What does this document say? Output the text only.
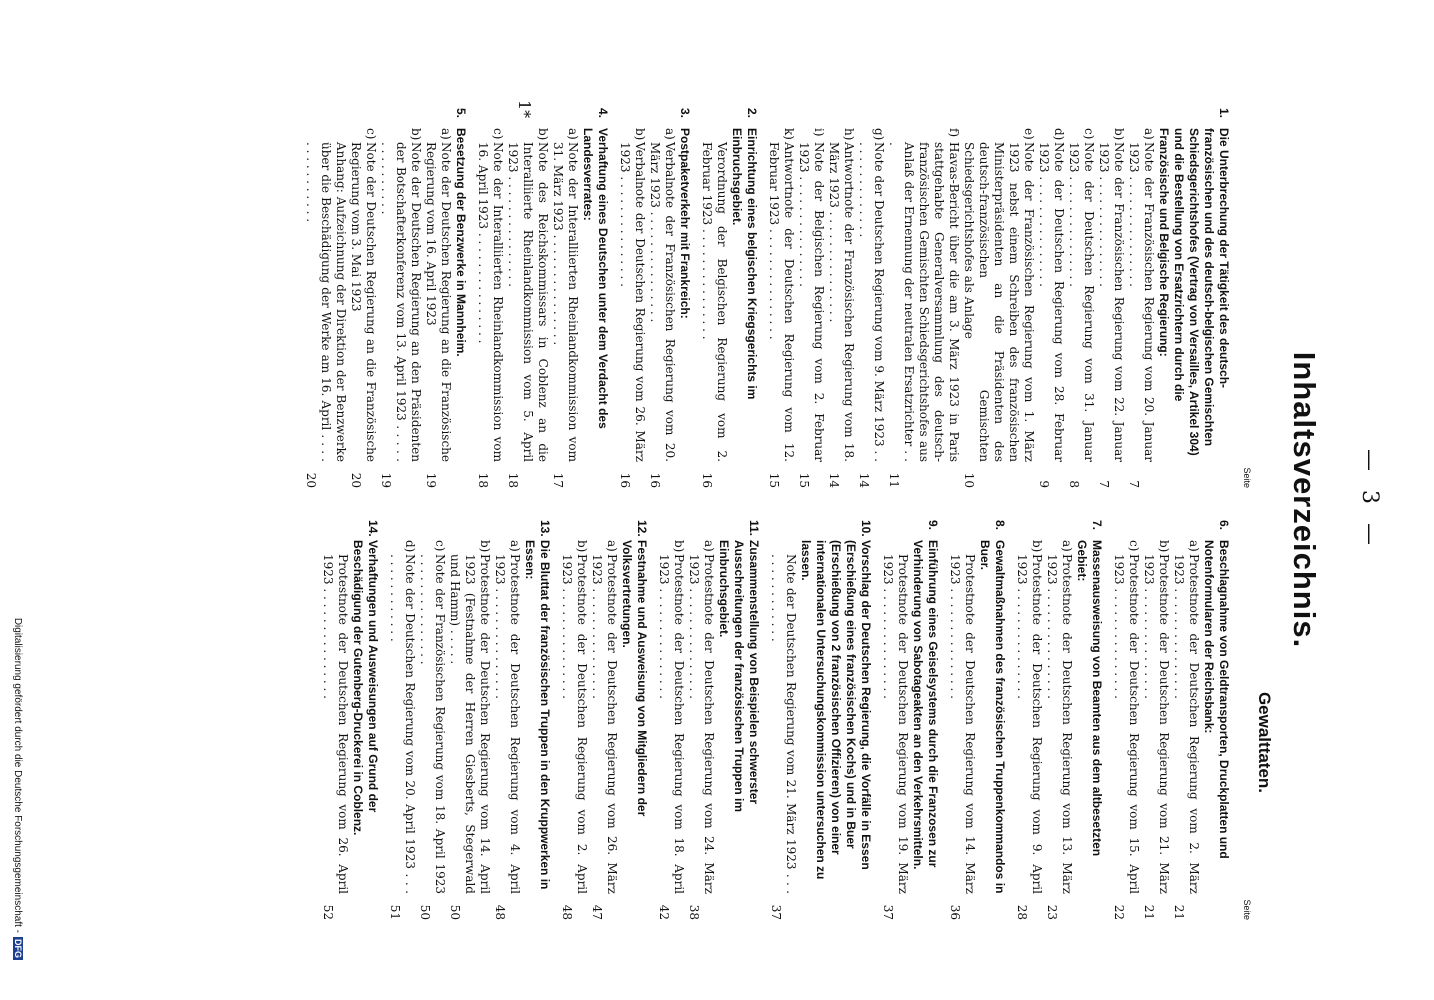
— 3 —
Inhaltsverzeichnis.
Gewalttaten.
Seite
1.
Die Unterbrechung der Tätigkeit des deutsch-französischen und des deutsch-belgischen Gemischten Schiedsgerichtshofes (Vertrag von Versailles, Artikel 304) und die Bestellung von Ersatzrichtern durch die Französische und Belgische Regierung:
a)
Note der Französischen Regierung vom 20. Januar 1923 . . . . . . . . . . . . . . .
7
b)
Note der Französischen Regierung vom 22. Januar 1923 . . . . . . . . . . . . . . .
7
c)
Note der Deutschen Regierung vom 31. Januar 1923 . . . . . . . . . . . . . . .
8
d)
Note der Deutschen Regierung vom 28. Februar 1923 . . . . . . . . . . . . . . .
9
e)
Note der Französischen Regierung vom 1. März 1923 nebst einem Schreiben des französischen Ministerpräsidenten an die Präsidenten des deutsch-französischen Gemischten Schiedsgerichtshofes als Anlage
10
f)
Havas-Bericht über die am 3. März 1923 in Paris stattgehabte Generalversammlung des deutsch-französischen Gemischten Schiedsgerichtshofes aus Anlaß der Ernennung der neutralen Ersatzrichter . . .
11
g)
Note der Deutschen Regierung vom 9. März 1923 . . . . . . . . . . . . . . .
14
h)
Antwortnote der Französischen Regierung vom 18. März 1923 . . . . . . . . . . . . . . .
14
i)
Note der Belgischen Regierung vom 2. Februar 1923 . . . . . . . . . . . . . . .
15
k)
Antwortnote der Deutschen Regierung vom 12. Februar 1923 . . . . . . . . . . . . . . .
15
2.
Einrichtung eines belgischen Kriegsgerichts im Einbruchsgebiet.
Verordnung der Belgischen Regierung vom 2. Februar 1923 . . . . . . . . . . . . . . .
16
3.
Postpaketverkehr mit Frankreich:
a)
Verbalnote der Französischen Regierung vom 20. März 1923 . . . . . . . . . . . . . . .
16
b)
Verbalnote der Deutschen Regierung vom 26. März 1923 . . . . . . . . . . . . . . .
16
4.
Verhaftung eines Deutschen unter dem Verdacht des Landesverrates:
a)
Note der Interalliierten Rheinlandkommission vom 31. März 1923 . . . . . . . . . . . . . . .
17
b)
Note des Reichskommissars in Coblenz an die Interalliierte Rheinlandkommission vom 5. April 1923 . . . . . . . . . . . . . . .
18
c)
Note der Interalliierten Rheinlandkommission vom 16. April 1923 . . . . . . . . . . . . . . .
18
5.
Besetzung der Benzwerke in Mannheim.
a)
Note der Deutschen Regierung an die Französische Regierung vom 16. April 1923
19
b)
Note der Deutschen Regierung an den Präsidenten der Botschafterkonferenz vom 13. April 1923 . . . . . . . . . . . . . . .
19
c)
Note der Deutschen Regierung an die Französische Regierung vom 3. Mai 1923
20
Anhang: Aufzeichnung der Direktion der Benzwerke über die Beschädigung der Werke am 16. April . . . . . . . . . . . . . . .
20
Seite
6.
Beschlagnahme von Geldtransporten, Druckplatten und Notenformularen der Reichsbank:
a)
Protestnote der Deutschen Regierung vom 2. März 1923 . . . . . . . . . . . . . . .
21
b)
Protestnote der Deutschen Regierung vom 21. März 1923 . . . . . . . . . . . . . . .
21
c)
Protestnote der Deutschen Regierung vom 15. April 1923 . . . . . . . . . . . . . . .
22
7.
Massenausweisung von Beamten aus dem altbesetzten Gebiet:
a)
Protestnote der Deutschen Regierung vom 13. März 1923 . . . . . . . . . . . . . . .
23
b)
Protestnote der Deutschen Regierung vom 9. April 1923 . . . . . . . . . . . . . . .
28
8.
Gewaltmaßnahmen des französischen Truppenkommandos in Buer.
Protestnote der Deutschen Regierung vom 14. März 1923 . . . . . . . . . . . . . . .
36
9.
Einführung eines Geiselsystems durch die Franzosen zur Verhinderung von Sabotageakten an den Verkehrsmitteln.
Protestnote der Deutschen Regierung vom 19. März 1923 . . . . . . . . . . . . . . .
37
10.
Vorschlag der Deutschen Regierung, die Vorfälle in Essen (Erschießung eines französischen Kochs) und in Buer (Erschießung von 2 französischen Offizieren) von einer internationalen Untersuchungskommission untersuchen zu lassen.
Note der Deutschen Regierung vom 21. März 1923 . . . . . . . . . . . . . . .
37
11.
Zusammenstellung von Beispielen schwerster Ausschreitungen der französischen Truppen im Einbruchsgebiet.
a)
Protestnote der Deutschen Regierung vom 24. März 1923 . . . . . . . . . . . . . . .
38
b)
Protestnote der Deutschen Regierung vom 18. April 1923 . . . . . . . . . . . . . . .
42
12.
Festnahme und Ausweisung von Mitgliedern der Volksvertretungen.
a)
Protestnote der Deutschen Regierung vom 26. März 1923 . . . . . . . . . . . . . . .
47
b)
Protestnote der Deutschen Regierung vom 2. April 1923 . . . . . . . . . . . . . . .
48
13.
Die Bluttat der französischen Truppen in den Kruppwerken in Essen:
a)
Protestnote der Deutschen Regierung vom 4. April 1923 . . . . . . . . . . . . . . .
48
b)
Protestnote der Deutschen Regierung vom 14. April 1923 (Festnahme der Herren Giesberts, Stegerwald und Hamm) . . . . .
50
c)
Note der Französischen Regierung vom 18. April 1923 . . . . . . . . . . . . . . .
50
d)
Note der Deutschen Regierung vom 20. April 1923 . . . . . . . . . . . . . . .
51
14.
Verhaftungen und Ausweisungen auf Grund der Beschädigung der Gutenberg-Druckerei in Coblenz.
Protestnote der Deutschen Regierung vom 26. April 1923 . . . . . . . . . . . . . . .
52
1*
Digitalisierung gefördert durch die Deutsche Forschungsgemeinschaft -DFG
